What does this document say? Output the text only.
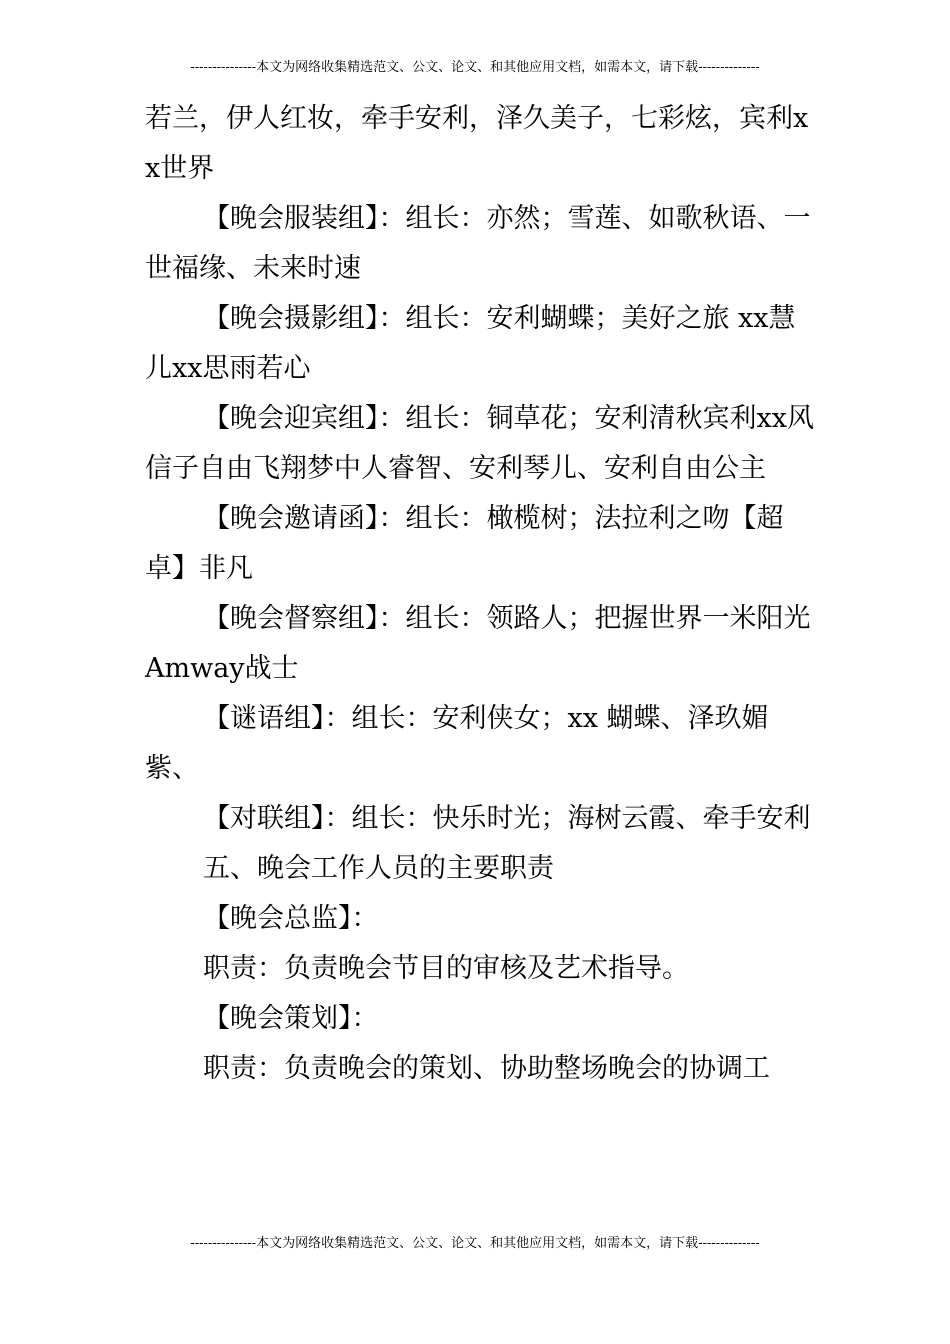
---------------本文为网络收集精选范文、公文、论文、和其他应用文档，如需本文，请下载--------------

若兰，伊人红妆，牵手安利，泽久美子，七彩炫，宾利xx世界

【晚会服装组】：组长：亦然；雪莲、如歌秋语、一世福缘、未来时速

【晚会摄影组】：组长：安利蝴蝶；美好之旅 xx慧儿xx思雨若心

【晚会迎宾组】：组长：铜草花；安利清秋宾利xx风信子自由飞翔梦中人睿智、安利琴儿、安利自由公主

【晚会邀请函】：组长：橄榄树；法拉利之吻【超卓】非凡

【晚会督察组】：组长：领路人；把握世界一米阳光Amway战士

【谜语组】：组长：安利侠女；xx 蝴蝶、泽玖媚紫、

【对联组】：组长：快乐时光；海树云霞、牵手安利

五、晚会工作人员的主要职责

【晚会总监】：

职责：负责晚会节目的审核及艺术指导。

【晚会策划】：

职责：负责晚会的策划、协助整场晚会的协调工

---------------本文为网络收集精选范文、公文、论文、和其他应用文档，如需本文，请下载--------------
